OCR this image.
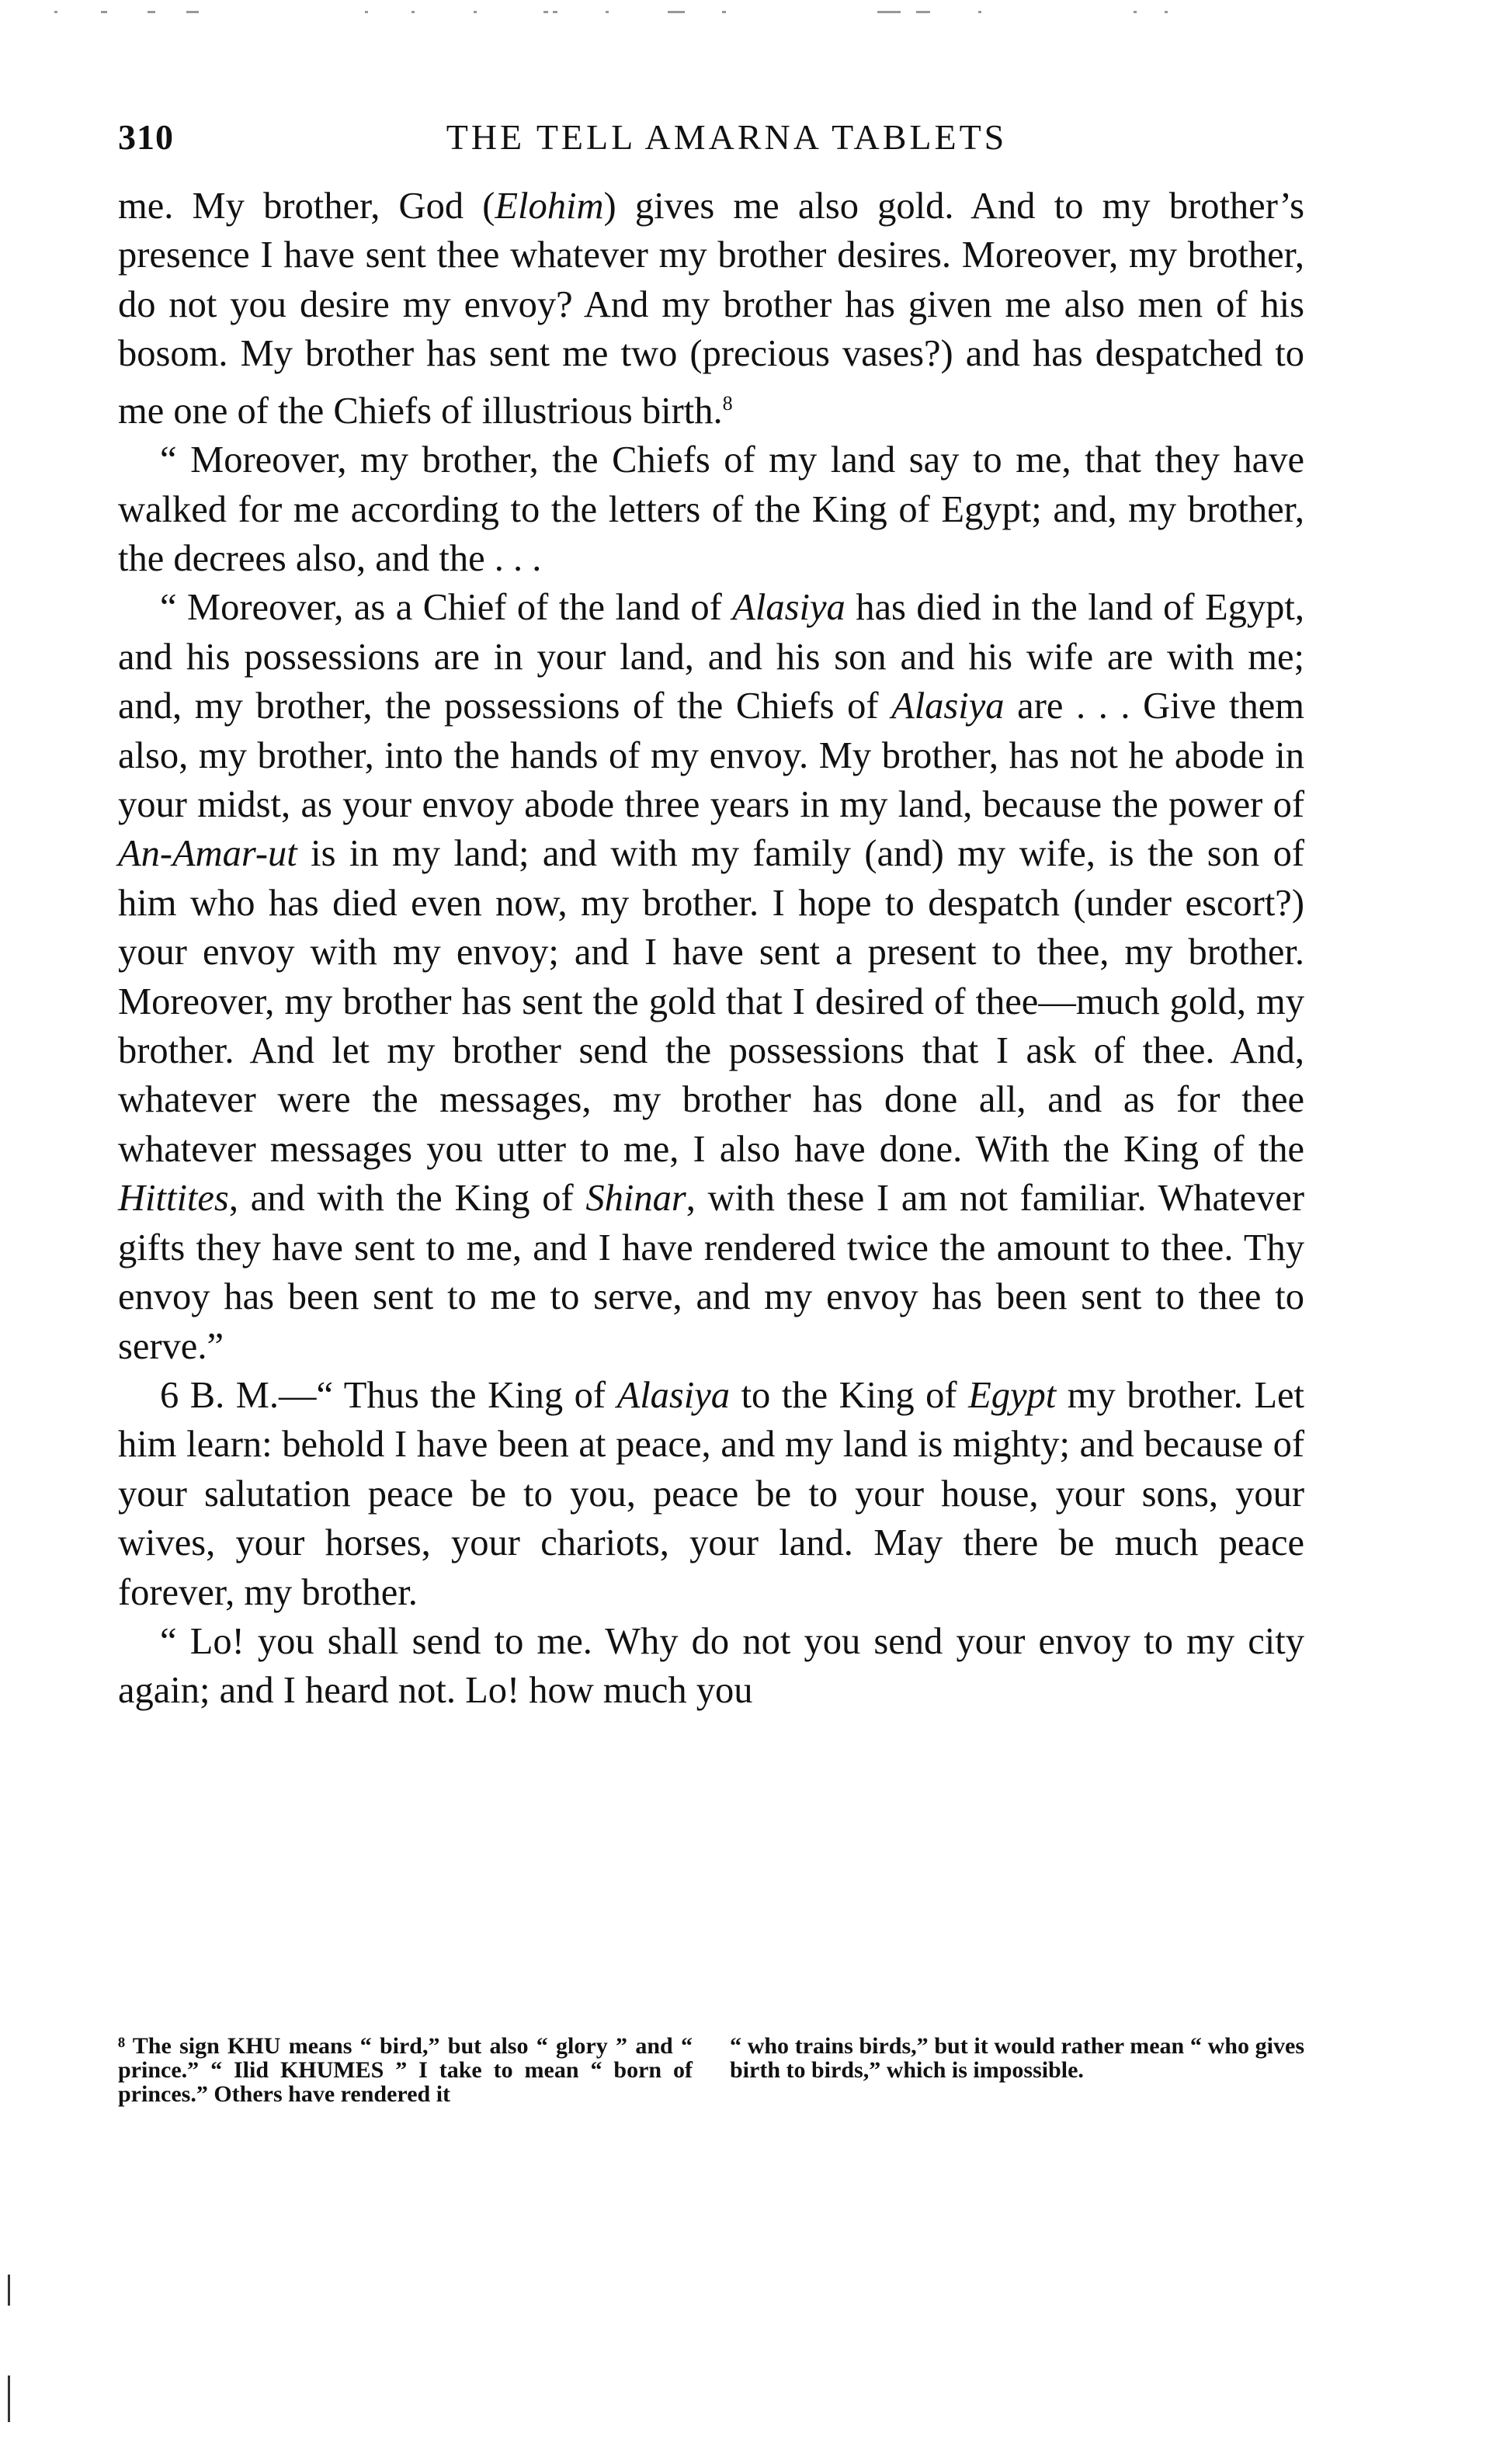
310	THE TELL AMARNA TABLETS

me. My brother, God (Elohim) gives me also gold. And to my brother’s presence I have sent thee whatever my brother desires. Moreover, my brother, do not you desire my envoy? And my brother has given me also men of his bosom. My brother has sent me two (precious vases?) and has despatched to me one of the Chiefs of illustrious birth.$^8$

“ Moreover, my brother, the Chiefs of my land say to me, that they have walked for me according to the letters of the King of Egypt; and, my brother, the decrees also, and the . . .

“ Moreover, as a Chief of the land of Alasiya has died in the land of Egypt, and his possessions are in your land, and his son and his wife are with me; and, my brother, the possessions of the Chiefs of Alasiya are . . . Give them also, my brother, into the hands of my envoy. My brother, has not he abode in your midst, as your envoy abode three years in my land, because the power of An-Amar-ut is in my land; and with my family (and) my wife, is the son of him who has died even now, my brother. I hope to despatch (under escort?) your envoy with my envoy; and I have sent a present to thee, my brother. Moreover, my brother has sent the gold that I desired of thee—much gold, my brother. And let my brother send the possessions that I ask of thee. And, whatever were the messages, my brother has done all, and as for thee whatever messages you utter to me, I also have done. With the King of the Hittites, and with the King of Shinar, with these I am not familiar. Whatever gifts they have sent to me, and I have rendered twice the amount to thee. Thy envoy has been sent to me to serve, and my envoy has been sent to thee to serve.”

6 B. M.—“ Thus the King of Alasiya to the King of Egypt my brother. Let him learn: behold I have been at peace, and my land is mighty; and because of your salutation peace be to you, peace be to your house, your sons, your wives, your horses, your chariots, your land. May there be much peace forever, my brother.

“ Lo! you shall send to me. Why do not you send your envoy to my city again; and I heard not. Lo! how much you

⁸ The sign KHU means “ bird,” but also “ glory ” and “ prince.” “ Ilid KHUMES ” I take to mean “ born of princes.” Others have rendered it

“ who trains birds,” but it would rather mean “ who gives birth to birds,” which is impossible.
